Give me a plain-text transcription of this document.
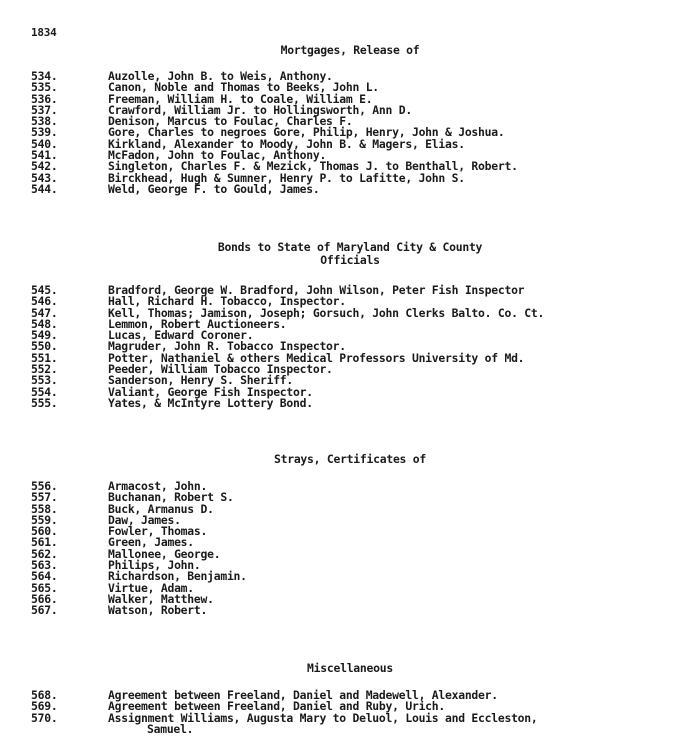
1834
Mortgages, Release of
534.	Auzolle, John B. to Weis, Anthony.
535.	Canon, Noble and Thomas to Beeks, John L.
536.	Freeman, William H. to Coale, William E.
537.	Crawford, William Jr. to Hollingsworth, Ann D.
538.	Denison, Marcus to Foulac, Charles F.
539.	Gore, Charles to negroes Gore, Philip, Henry, John & Joshua.
540.	Kirkland, Alexander to Moody, John B. & Magers, Elias.
541.	McFadon, John to Foulac, Anthony.
542.	Singleton, Charles F. & Mezick, Thomas J. to Benthall, Robert.
543.	Birckhead, Hugh & Sumner, Henry P. to Lafitte, John S.
544.	Weld, George F. to Gould, James.
Bonds to State of Maryland City & County
Officials
545.	Bradford, George W. Bradford, John Wilson, Peter Fish Inspector
546.	Hall, Richard H. Tobacco, Inspector.
547.	Kell, Thomas; Jamison, Joseph; Gorsuch, John Clerks Balto. Co. Ct.
548.	Lemmon, Robert Auctioneers.
549.	Lucas, Edward Coroner.
550.	Magruder, John R. Tobacco Inspector.
551.	Potter, Nathaniel & others Medical Professors University of Md.
552.	Peeder, William Tobacco Inspector.
553.	Sanderson, Henry S. Sheriff.
554.	Valiant, George Fish Inspector.
555.	Yates, & McIntyre Lottery Bond.
Strays, Certificates of
556.	Armacost, John.
557.	Buchanan, Robert S.
558.	Buck, Armanus D.
559.	Daw, James.
560.	Fowler, Thomas.
561.	Green, James.
562.	Mallonee, George.
563.	Philips, John.
564.	Richardson, Benjamin.
565.	Virtue, Adam.
566.	Walker, Matthew.
567.	Watson, Robert.
Miscellaneous
568.	Agreement between Freeland, Daniel and Madewell, Alexander.
569.	Agreement between Freeland, Daniel and Ruby, Urich.
570.	Assignment Williams, Augusta Mary to Deluol, Louis and Eccleston,
Samuel.
